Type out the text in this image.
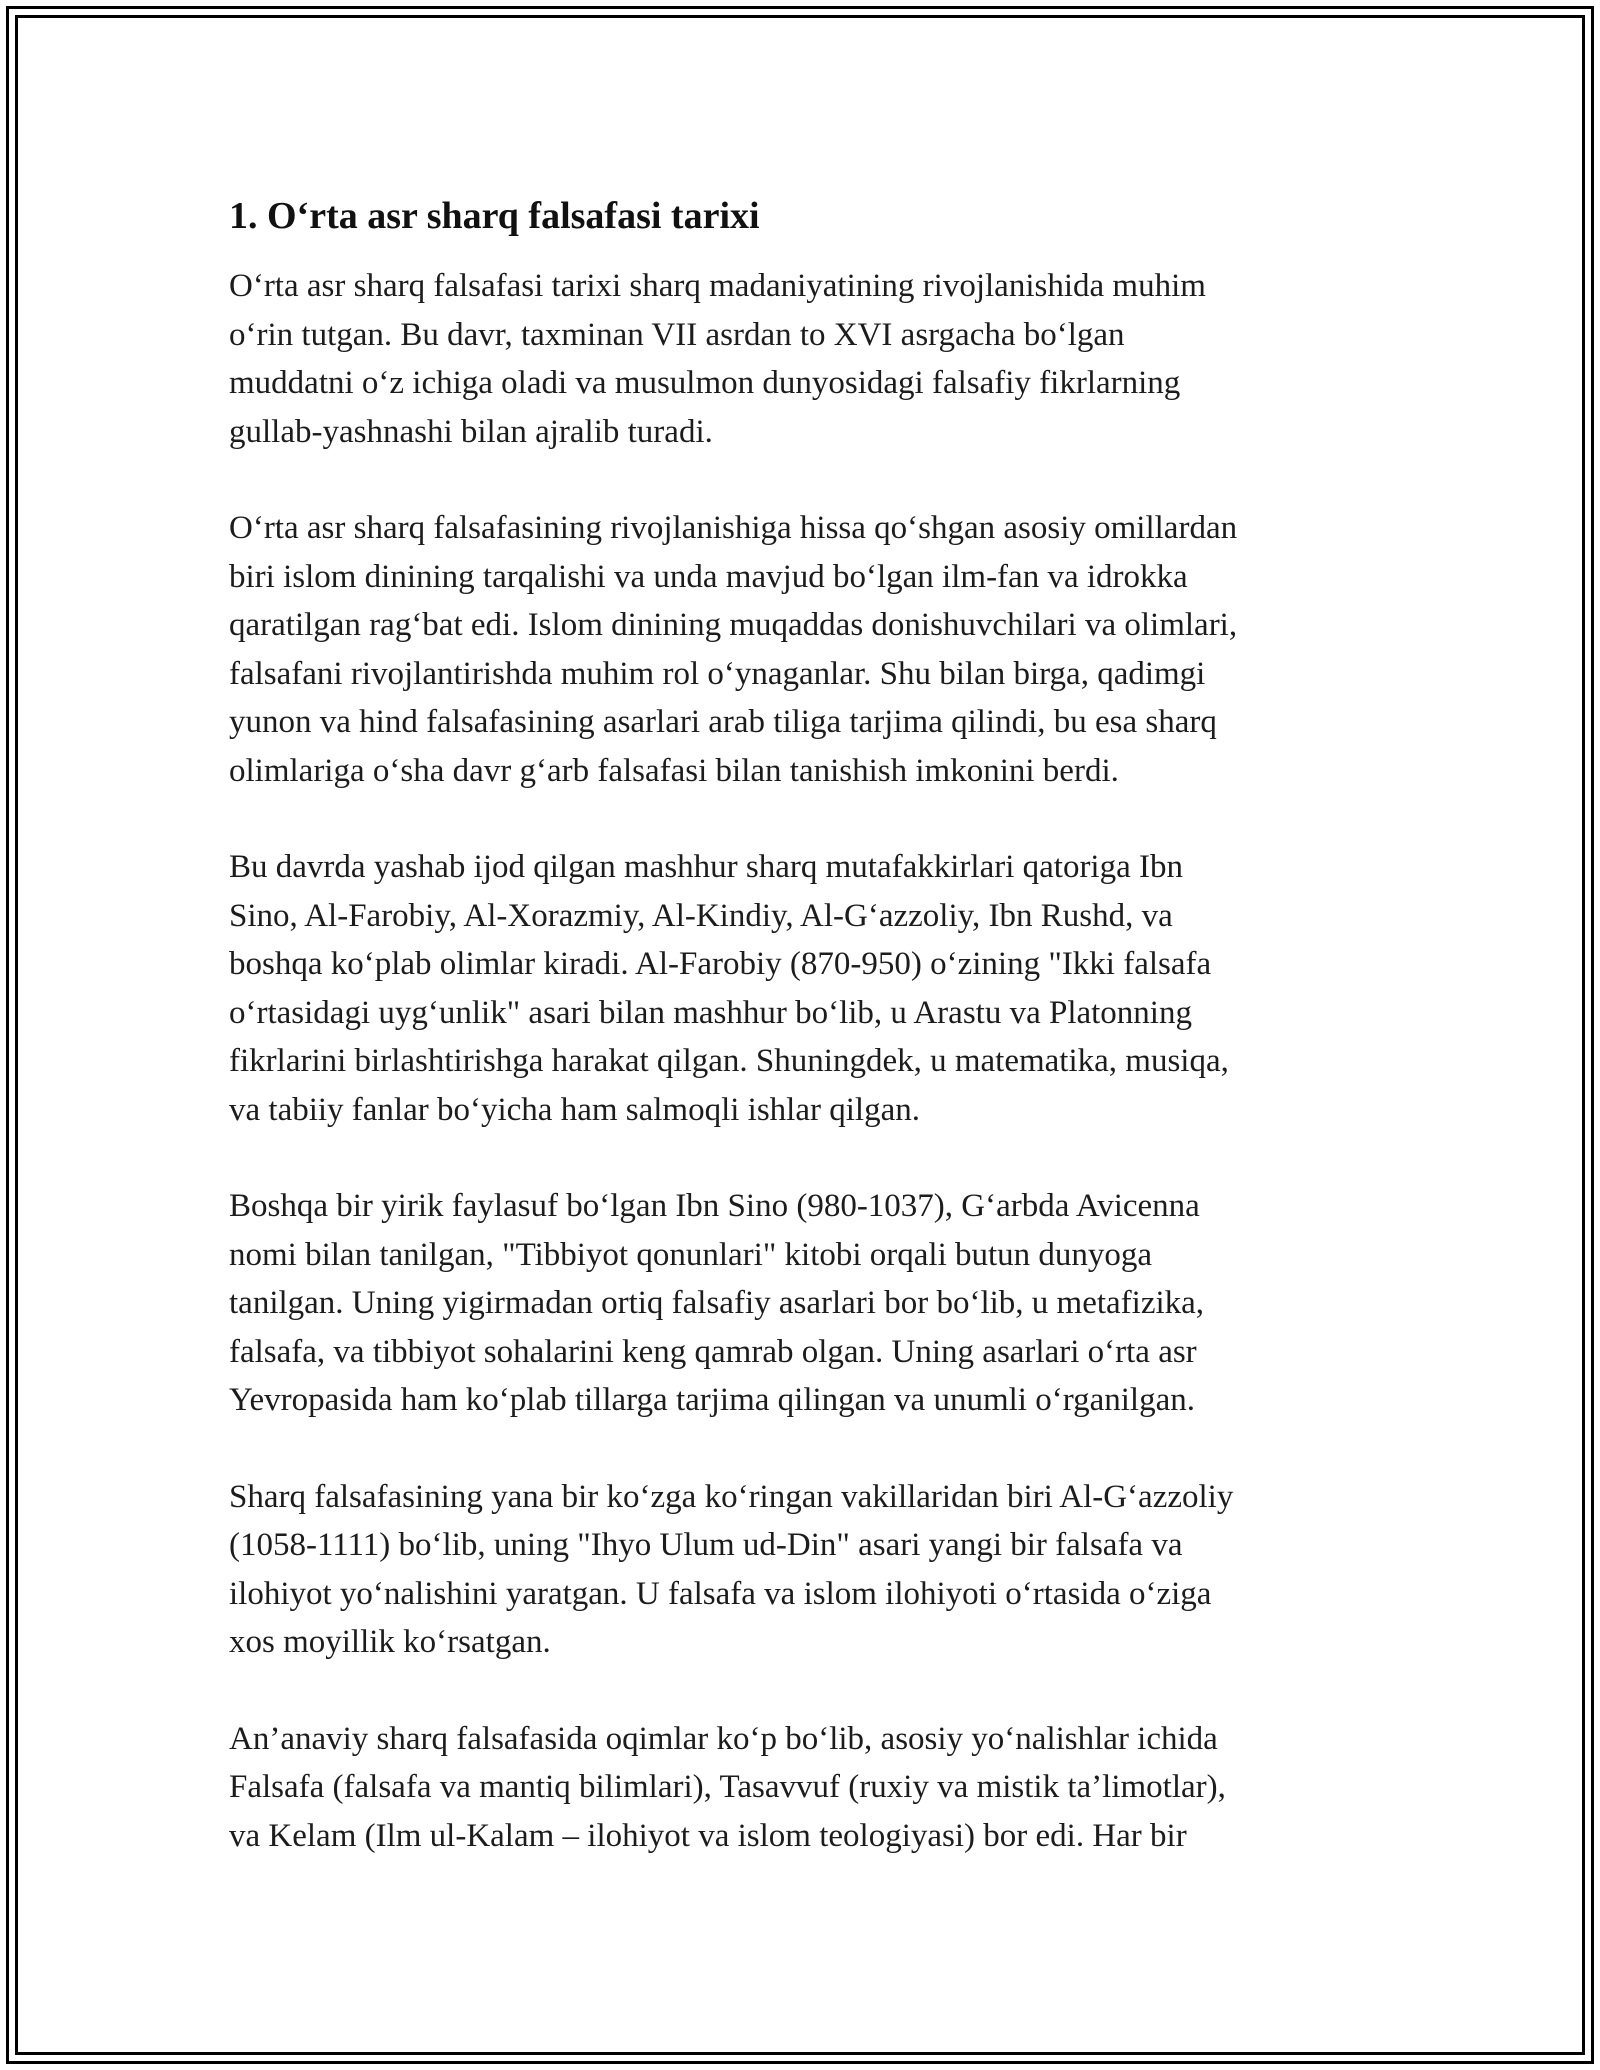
1. O‘rta asr sharq falsafasi tarixi
O‘rta asr sharq falsafasi tarixi sharq madaniyatining rivojlanishida muhim
o‘rin tutgan. Bu davr, taxminan VII asrdan to XVI asrgacha bo‘lgan
muddatni o‘z ichiga oladi va musulmon dunyosidagi falsafiy fikrlarning
gullab-yashnashi bilan ajralib turadi.
O‘rta asr sharq falsafasining rivojlanishiga hissa qo‘shgan asosiy omillardan
biri islom dinining tarqalishi va unda mavjud bo‘lgan ilm-fan va idrokka
qaratilgan rag‘bat edi. Islom dinining muqaddas donishuvchilari va olimlari,
falsafani rivojlantirishda muhim rol o‘ynaganlar. Shu bilan birga, qadimgi
yunon va hind falsafasining asarlari arab tiliga tarjima qilindi, bu esa sharq
olimlariga o‘sha davr g‘arb falsafasi bilan tanishish imkonini berdi.
Bu davrda yashab ijod qilgan mashhur sharq mutafakkirlari qatoriga Ibn
Sino, Al-Farobiy, Al-Xorazmiy, Al-Kindiy, Al-G‘azzoliy, Ibn Rushd, va
boshqa ko‘plab olimlar kiradi. Al-Farobiy (870-950) o‘zining "Ikki falsafa
o‘rtasidagi uyg‘unlik" asari bilan mashhur bo‘lib, u Arastu va Platonning
fikrlarini birlashtirishga harakat qilgan. Shuningdek, u matematika, musiqa,
va tabiiy fanlar bo‘yicha ham salmoqli ishlar qilgan.
Boshqa bir yirik faylasuf bo‘lgan Ibn Sino (980-1037), G‘arbda Avicenna
nomi bilan tanilgan, "Tibbiyot qonunlari" kitobi orqali butun dunyoga
tanilgan. Uning yigirmadan ortiq falsafiy asarlari bor bo‘lib, u metafizika,
falsafa, va tibbiyot sohalarini keng qamrab olgan. Uning asarlari o‘rta asr
Yevropasida ham ko‘plab tillarga tarjima qilingan va unumli o‘rganilgan.
Sharq falsafasining yana bir ko‘zga ko‘ringan vakillaridan biri Al-G‘azzoliy
(1058-1111) bo‘lib, uning "Ihyo Ulum ud-Din" asari yangi bir falsafa va
ilohiyot yo‘nalishini yaratgan. U falsafa va islom ilohiyoti o‘rtasida o‘ziga
xos moyillik ko‘rsatgan.
An’anaviy sharq falsafasida oqimlar ko‘p bo‘lib, asosiy yo‘nalishlar ichida
Falsafa (falsafa va mantiq bilimlari), Tasavvuf (ruxiy va mistik ta’limotlar),
va Kelam (Ilm ul-Kalam – ilohiyot va islom teologiyasi) bor edi. Har bir
